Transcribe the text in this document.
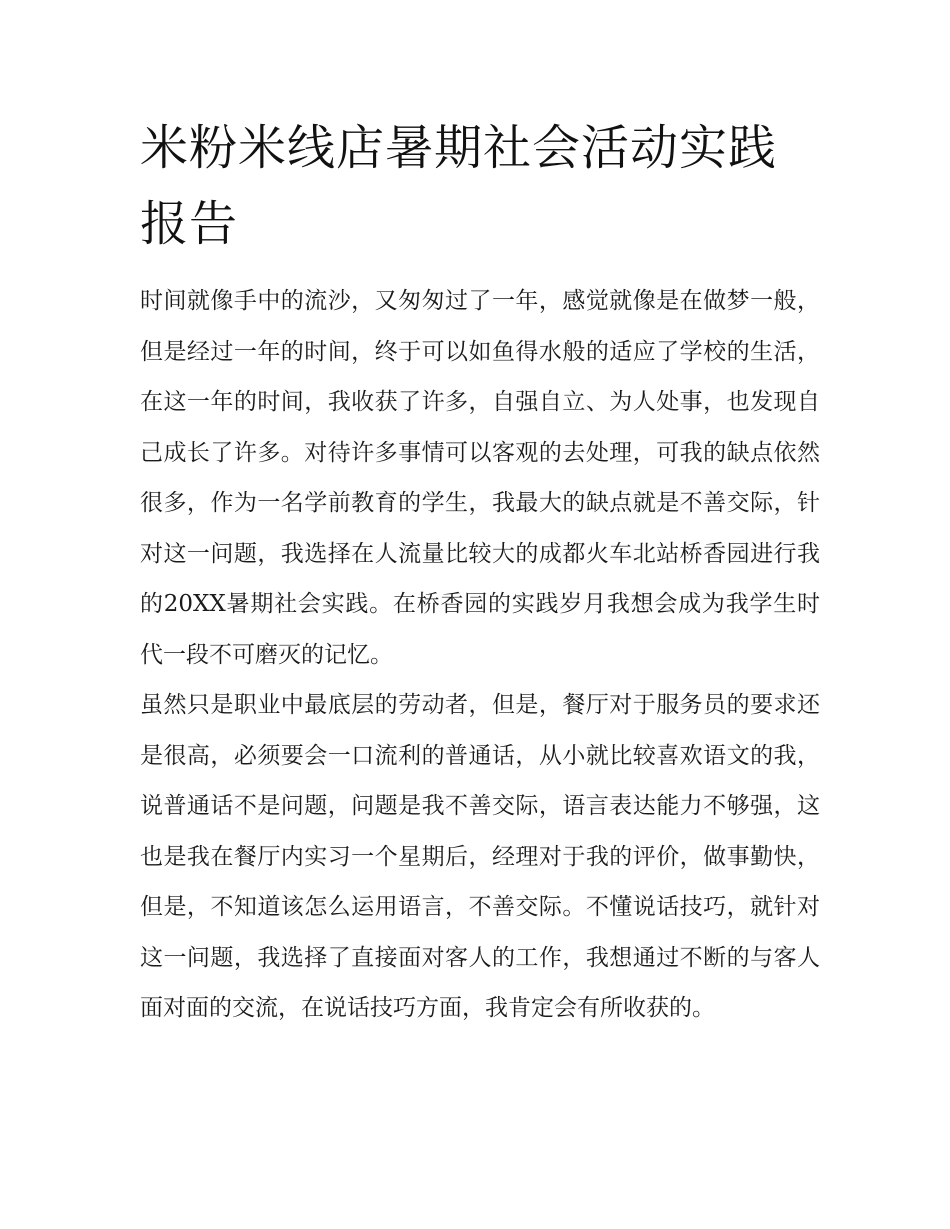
米粉米线店暑期社会活动实践报告

时间就像手中的流沙，又匆匆过了一年，感觉就像是在做梦一般，但是经过一年的时间，终于可以如鱼得水般的适应了学校的生活，在这一年的时间，我收获了许多，自强自立、为人处事，也发现自己成长了许多。对待许多事情可以客观的去处理，可我的缺点依然很多，作为一名学前教育的学生，我最大的缺点就是不善交际，针对这一问题，我选择在人流量比较大的成都火车北站桥香园进行我的20XX暑期社会实践。在桥香园的实践岁月我想会成为我学生时代一段不可磨灭的记忆。

虽然只是职业中最底层的劳动者，但是，餐厅对于服务员的要求还是很高，必须要会一口流利的普通话，从小就比较喜欢语文的我，说普通话不是问题，问题是我不善交际，语言表达能力不够强，这也是我在餐厅内实习一个星期后，经理对于我的评价，做事勤快，但是，不知道该怎么运用语言，不善交际。不懂说话技巧，就针对这一问题，我选择了直接面对客人的工作，我想通过不断的与客人面对面的交流，在说话技巧方面，我肯定会有所收获的。
